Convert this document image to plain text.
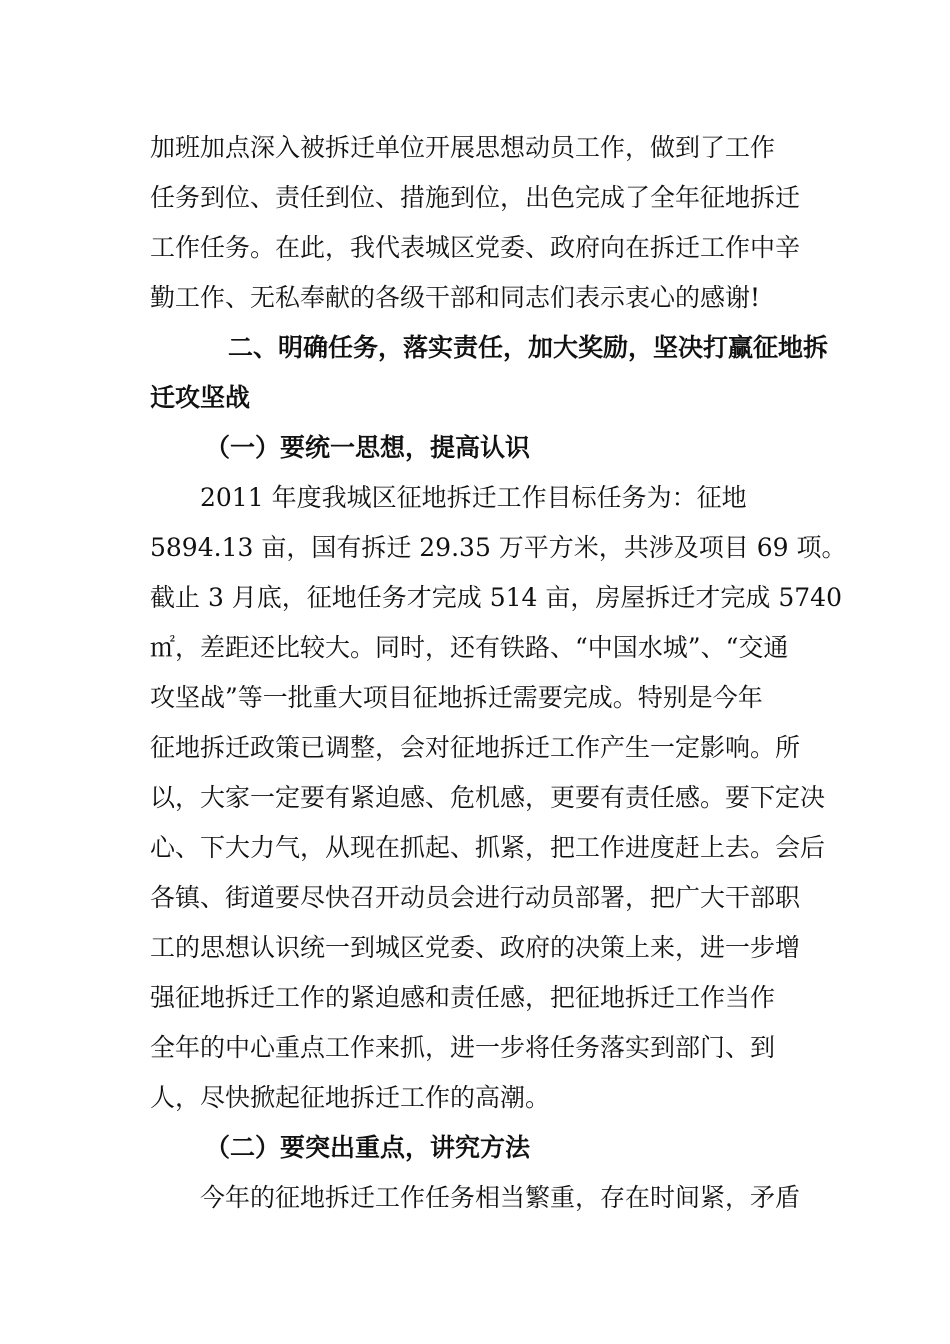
加班加点深入被拆迁单位开展思想动员工作，做到了工作
任务到位、责任到位、措施到位，出色完成了全年征地拆迁
工作任务。在此，我代表城区党委、政府向在拆迁工作中辛
勤工作、无私奉献的各级干部和同志们表示衷心的感谢!
二、明确任务，落实责任，加大奖励，坚决打赢征地拆
迁攻坚战
（一）要统一思想，提高认识
2011 年度我城区征地拆迁工作目标任务为：征地
5894.13 亩，国有拆迁 29.35 万平方米，共涉及项目 69 项。
截止 3 月底，征地任务才完成 514 亩，房屋拆迁才完成 5740
㎡，差距还比较大。同时，还有铁路、“中国水城”、“交通
攻坚战”等一批重大项目征地拆迁需要完成。特别是今年
征地拆迁政策已调整，会对征地拆迁工作产生一定影响。所
以，大家一定要有紧迫感、危机感，更要有责任感。要下定决
心、下大力气，从现在抓起、抓紧，把工作进度赶上去。会后
各镇、街道要尽快召开动员会进行动员部署，把广大干部职
工的思想认识统一到城区党委、政府的决策上来，进一步增
强征地拆迁工作的紧迫感和责任感，把征地拆迁工作当作
全年的中心重点工作来抓，进一步将任务落实到部门、到
人，尽快掀起征地拆迁工作的高潮。
（二）要突出重点，讲究方法
今年的征地拆迁工作任务相当繁重，存在时间紧，矛盾
